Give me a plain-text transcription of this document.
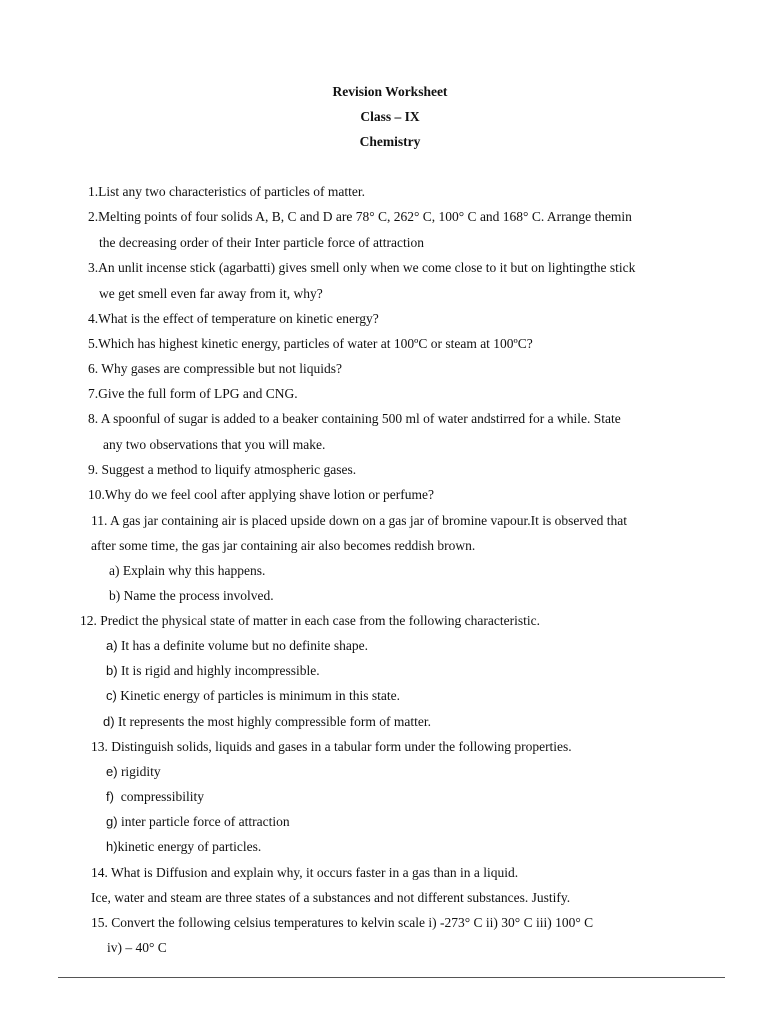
Revision Worksheet
Class – IX
Chemistry
1.List any two characteristics of particles of matter.
2.Melting points of four solids A, B, C and D are 78° C, 262° C, 100° C and 168° C. Arrange themin
the decreasing order of their Inter particle force of attraction
3.An unlit incense stick (agarbatti) gives smell only when we come close to it but on lightingthe stick
we get smell even far away from it, why?
4.What is the effect of temperature on kinetic energy?
5.Which has highest kinetic energy, particles of water at 100ºC or steam at 100ºC?
6. Why gases are compressible but not liquids?
7.Give the full form of LPG and CNG.
8. A spoonful of sugar is added to a beaker containing 500 ml of water andstirred for a while. State
any two observations that you will make.
9. Suggest a method to liquify atmospheric gases.
10.Why do we feel cool after applying shave lotion or perfume?
11. A gas jar containing air is placed upside down on a gas jar of bromine vapour.It is observed that
after some time, the gas jar containing air also becomes reddish brown.
a) Explain why this happens.
b) Name the process involved.
12. Predict the physical state of matter in each case from the following characteristic.
a) It has a definite volume but no definite shape.
b) It is rigid and highly incompressible.
c) Kinetic energy of particles is minimum in this state.
d) It represents the most highly compressible form of matter.
13. Distinguish solids, liquids and gases in a tabular form under the following properties.
e) rigidity
f) compressibility
g) inter particle force of attraction
h)kinetic energy of particles.
14. What is Diffusion and explain why, it occurs faster in a gas than in a liquid.
Ice, water and steam are three states of a substances and not different substances. Justify.
15. Convert the following celsius temperatures to kelvin scale i) -273° C ii) 30° C iii) 100° C
iv) – 40° C
